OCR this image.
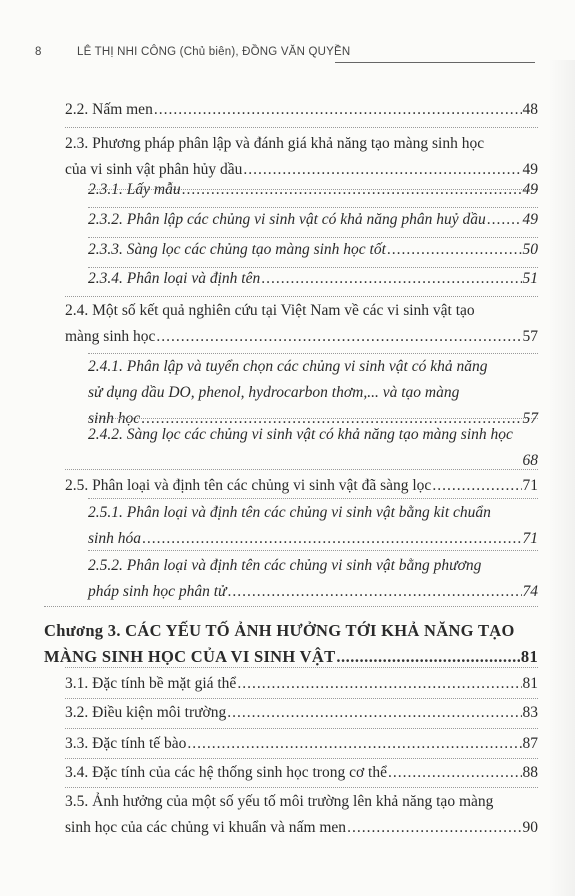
8	LÊ THỊ NHI CÔNG (Chủ biên), ĐỒNG VĂN QUYỀN
2.2. Nấm men .....	48
2.3. Phương pháp phân lập và đánh giá khả năng tạo màng sinh học
của vi sinh vật phân hủy dầu .....	49
2.3.1. Lấy mẫu .....	49
2.3.2. Phân lập các chủng vi sinh vật có khả năng phân huỷ dầu ..... 49
2.3.3. Sàng lọc các chủng tạo màng sinh học tốt .....	50
2.3.4. Phân loại và định tên .....	51
2.4. Một số kết quả nghiên cứu tại Việt Nam về các vi sinh vật tạo
màng sinh học .....	57
2.4.1. Phân lập và tuyển chọn các chủng vi sinh vật có khả năng
sử dụng dầu DO, phenol, hydrocarbon thơm,... và tạo màng
sinh học .....	57
2.4.2. Sàng lọc các chủng vi sinh vật có khả năng tạo màng sinh học
68
2.5. Phân loại và định tên các chủng vi sinh vật đã sàng lọc .....	71
2.5.1. Phân loại và định tên các chủng vi sinh vật bằng kit chuẩn
sinh hóa .....	71
2.5.2. Phân loại và định tên các chủng vi sinh vật bằng phương
pháp sinh học phân tử .....	74
Chương 3. CÁC YẾU TỐ ẢNH HƯỞNG TỚI KHẢ NĂNG TẠO
MÀNG SINH HỌC CỦA VI SINH VẬT .....	81
3.1. Đặc tính bề mặt giá thể .....	81
3.2. Điều kiện môi trường .....	83
3.3. Đặc tính tế bào .....	87
3.4. Đặc tính của các hệ thống sinh học trong cơ thể .....	88
3.5. Ảnh hưởng của một số yếu tố môi trường lên khả năng tạo màng
sinh học của các chủng vi khuẩn và nấm men .....	90
